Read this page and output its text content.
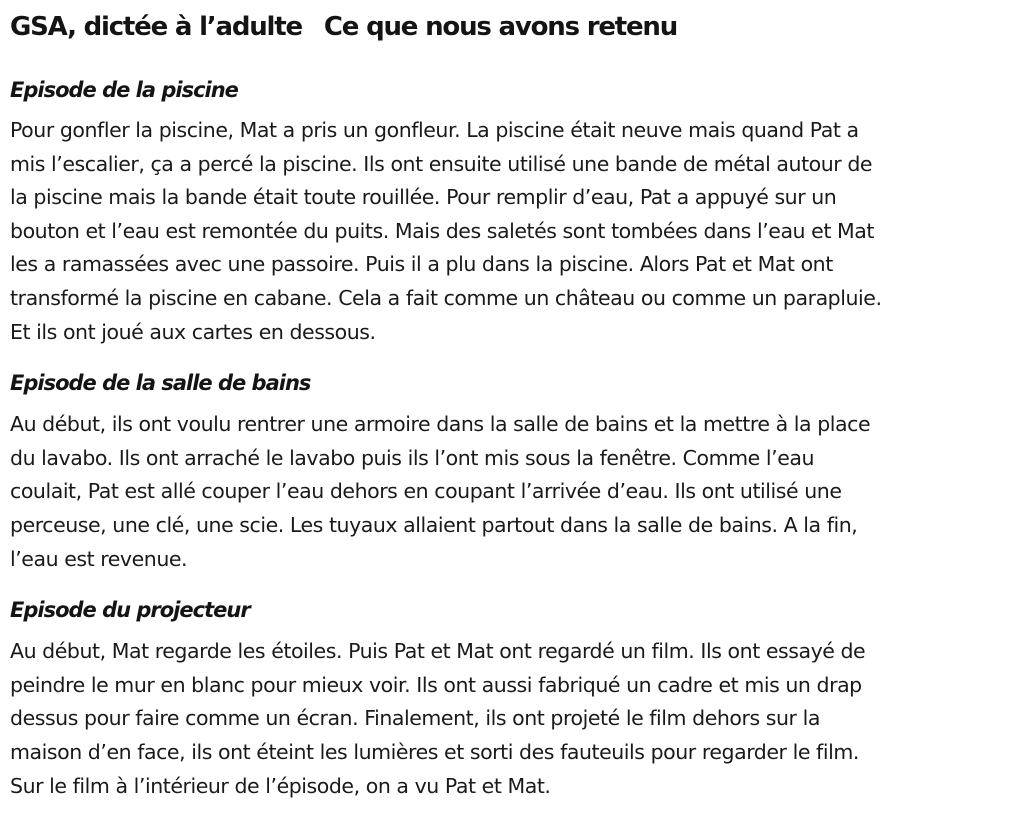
GSA, dictée à l’adulte Ce que nous avons retenu
Episode de la piscine
Pour gonfler la piscine, Mat a pris un gonfleur. La piscine était neuve mais quand Pat a
mis l’escalier, ça a percé la piscine. Ils ont ensuite utilisé une bande de métal autour de
la piscine mais la bande était toute rouillée. Pour remplir d’eau, Pat a appuyé sur un
bouton et l’eau est remontée du puits. Mais des saletés sont tombées dans l’eau et Mat
les a ramassées avec une passoire. Puis il a plu dans la piscine. Alors Pat et Mat ont
transformé la piscine en cabane. Cela a fait comme un château ou comme un parapluie.
Et ils ont joué aux cartes en dessous.
Episode de la salle de bains
Au début, ils ont voulu rentrer une armoire dans la salle de bains et la mettre à la place
du lavabo. Ils ont arraché le lavabo puis ils l’ont mis sous la fenêtre. Comme l’eau
coulait, Pat est allé couper l’eau dehors en coupant l’arrivée d’eau. Ils ont utilisé une
perceuse, une clé, une scie. Les tuyaux allaient partout dans la salle de bains. A la fin,
l’eau est revenue.
Episode du projecteur
Au début, Mat regarde les étoiles. Puis Pat et Mat ont regardé un film. Ils ont essayé de
peindre le mur en blanc pour mieux voir. Ils ont aussi fabriqué un cadre et mis un drap
dessus pour faire comme un écran. Finalement, ils ont projeté le film dehors sur la
maison d’en face, ils ont éteint les lumières et sorti des fauteuils pour regarder le film.
Sur le film à l’intérieur de l’épisode, on a vu Pat et Mat.
